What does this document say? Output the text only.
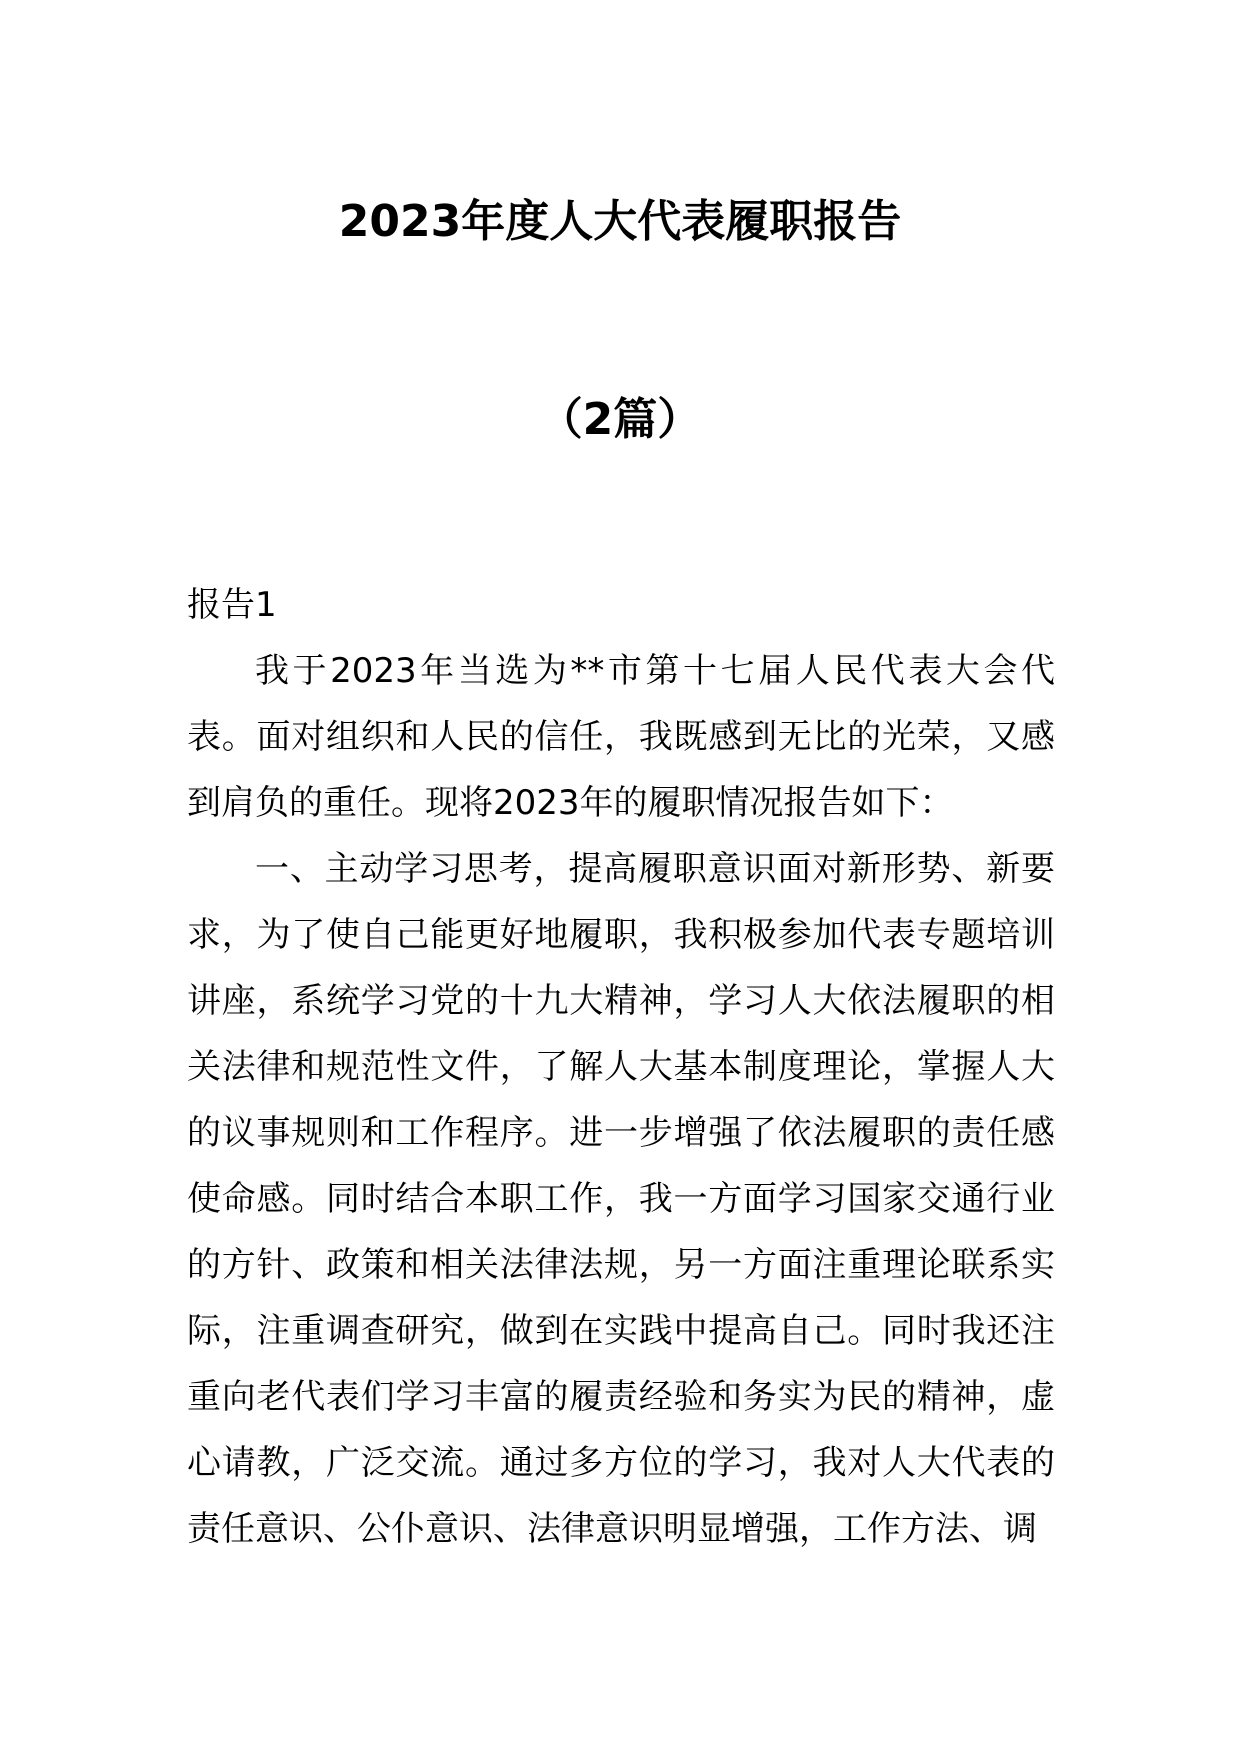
2023年度人大代表履职报告
（2篇）

报告1

我于2023年当选为**市第十七届人民代表大会代表。面对组织和人民的信任，我既感到无比的光荣，又感到肩负的重任。现将2023年的履职情况报告如下：

一、主动学习思考，提高履职意识面对新形势、新要求，为了使自己能更好地履职，我积极参加代表专题培训讲座，系统学习党的十九大精神，学习人大依法履职的相关法律和规范性文件，了解人大基本制度理论，掌握人大的议事规则和工作程序。进一步增强了依法履职的责任感使命感。同时结合本职工作，我一方面学习国家交通行业的方针、政策和相关法律法规，另一方面注重理论联系实际，注重调查研究，做到在实践中提高自己。同时我还注重向老代表们学习丰富的履责经验和务实为民的精神，虚心请教，广泛交流。通过多方位的学习，我对人大代表的责任意识、公仆意识、法律意识明显增强，工作方法、调
